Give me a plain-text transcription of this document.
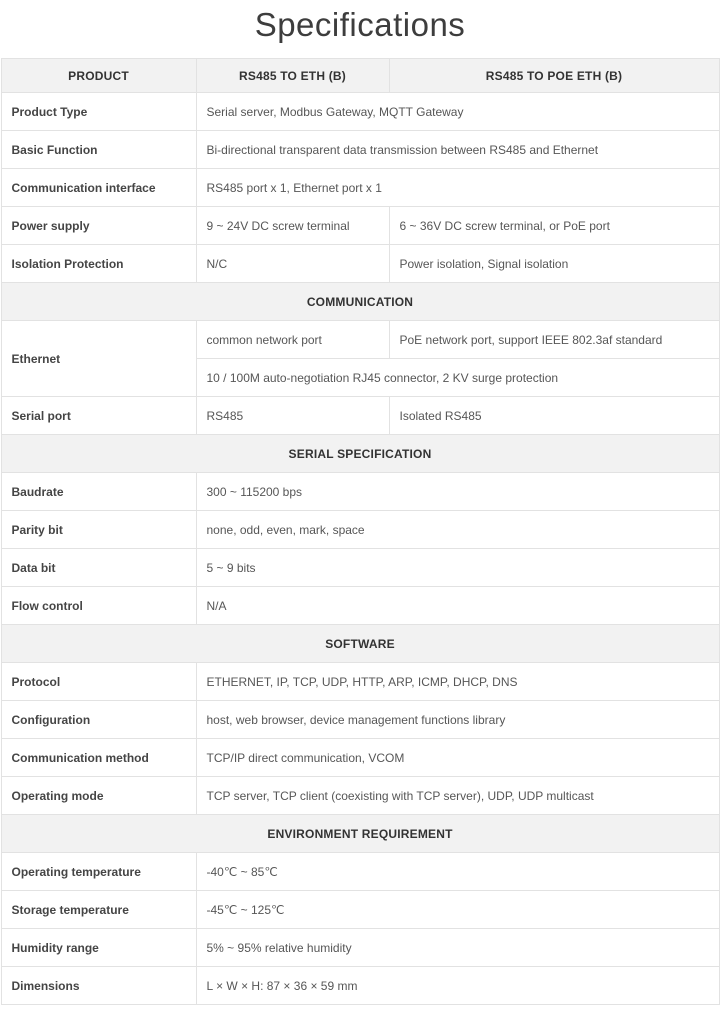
Specifications
PRODUCT	RS485 TO ETH (B)	RS485 TO POE ETH (B)
Product Type	Serial server, Modbus Gateway, MQTT Gateway	
Basic Function	Bi-directional transparent data transmission between RS485 and Ethernet	
Communication interface	RS485 port x 1, Ethernet port x 1	
Power supply	9 ~ 24V DC screw terminal	6 ~ 36V DC screw terminal, or PoE port
Isolation Protection	N/C	Power isolation, Signal isolation
COMMUNICATION		
Ethernet	common network port	PoE network port, support IEEE 802.3af standard
	10 / 100M auto-negotiation RJ45 connector, 2 KV surge protection	
Serial port	RS485	Isolated RS485
SERIAL SPECIFICATION		
Baudrate	300 ~ 115200 bps	
Parity bit	none, odd, even, mark, space	
Data bit	5 ~ 9 bits	
Flow control	N/A	
SOFTWARE		
Protocol	ETHERNET, IP, TCP, UDP, HTTP, ARP, ICMP, DHCP, DNS	
Configuration	host, web browser, device management functions library	
Communication method	TCP/IP direct communication, VCOM	
Operating mode	TCP server, TCP client (coexisting with TCP server), UDP, UDP multicast	
ENVIRONMENT REQUIREMENT		
Operating temperature	-40℃ ~ 85℃	
Storage temperature	-45℃ ~ 125℃	
Humidity range	5% ~ 95% relative humidity	
Dimensions	L × W × H: 87 × 36 × 59 mm	
